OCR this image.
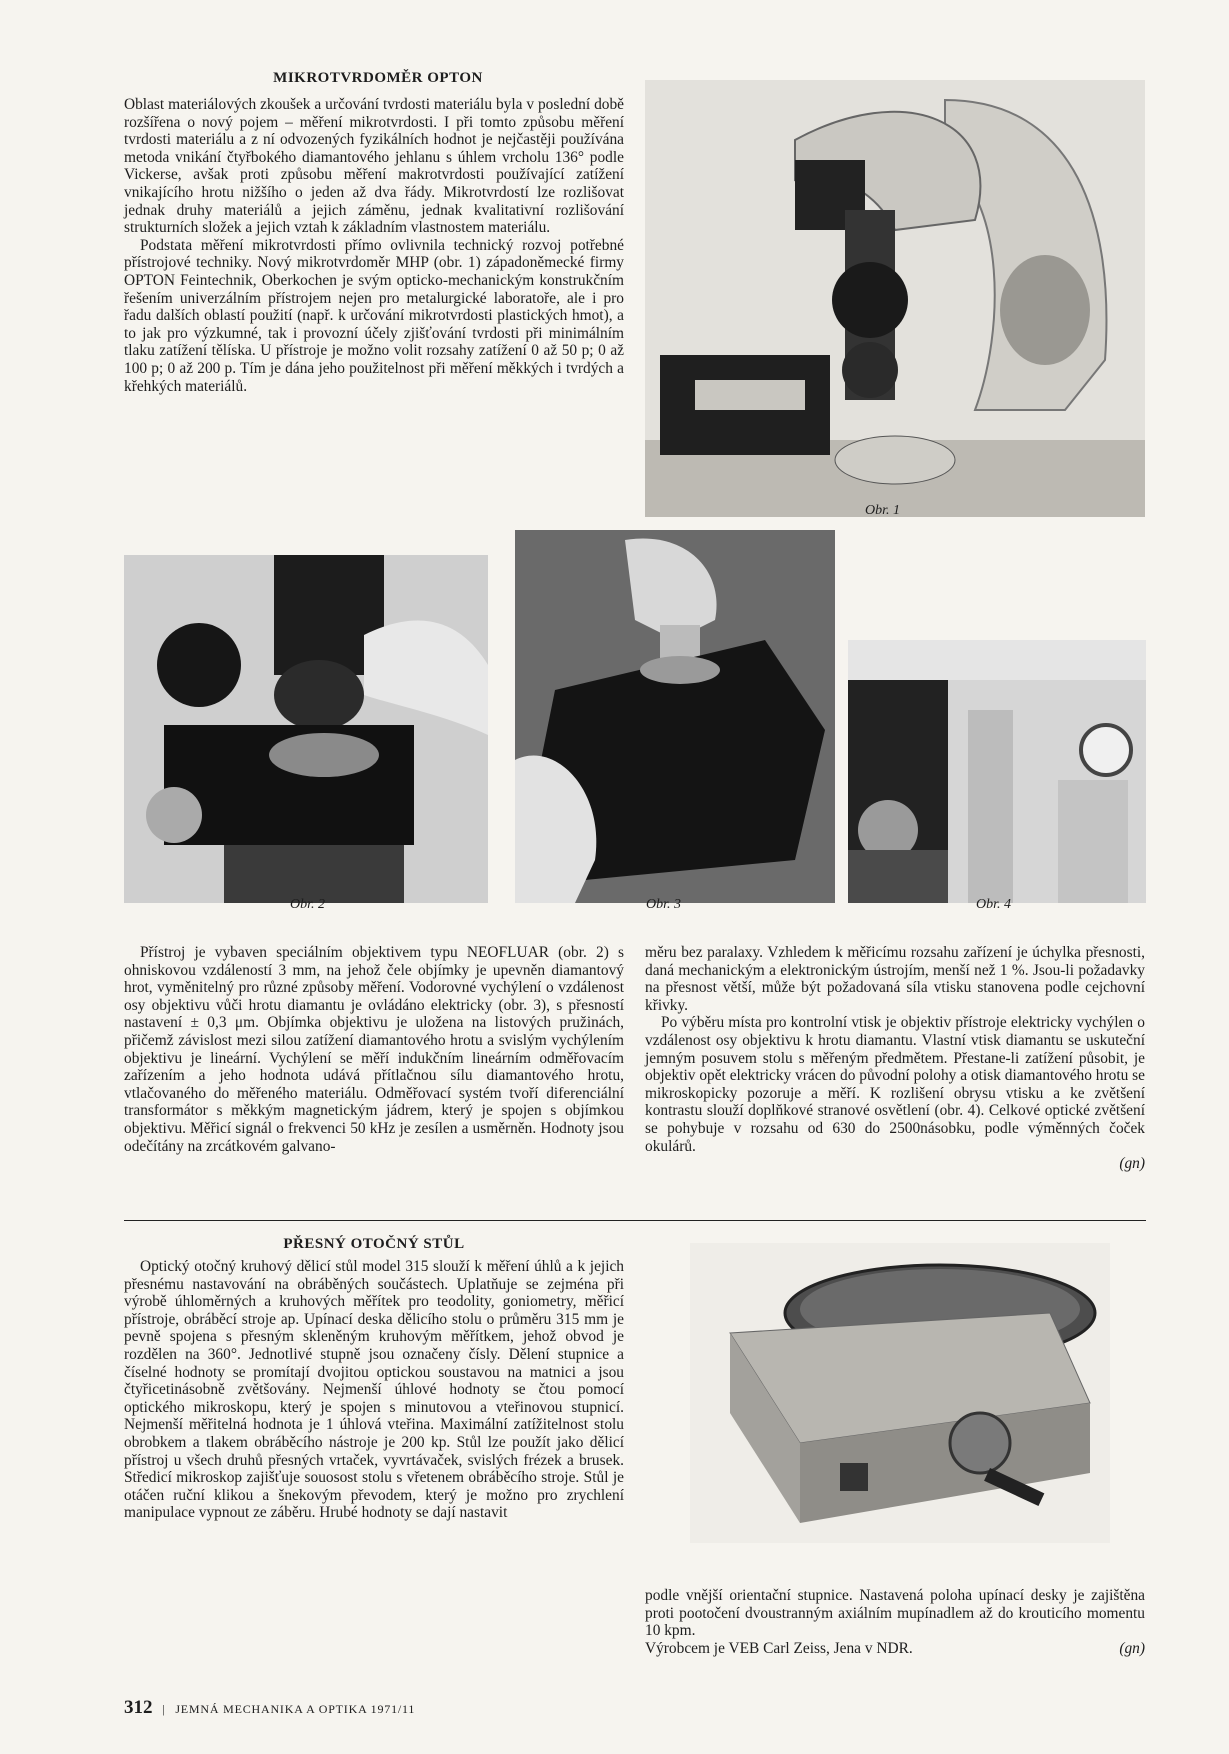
MIKROTVRDOMĚR OPTON

Oblast materiálových zkoušek a určování tvrdosti materiálu byla v poslední době rozšířena o nový pojem – měření mikrotvrdosti. I při tomto způsobu měření tvrdosti materiálu a z ní odvozených fyzikálních hodnot je nejčastěji používána metoda vnikání čtyřbokého diamantového jehlanu s úhlem vrcholu 136° podle Vickerse, avšak proti způsobu měření makrotvrdosti používající zatížení vnikajícího hrotu nižšího o jeden až dva řády. Mikrotvrdostí lze rozlišovat jednak druhy materiálů a jejich záměnu, jednak kvalitativní rozlišování strukturních složek a jejich vztah k základním vlastnostem materiálu.

Podstata měření mikrotvrdosti přímo ovlivnila technický rozvoj potřebné přístrojové techniky. Nový mikrotvrdoměr MHP (obr. 1) západoněmecké firmy OPTON Feintechnik, Oberkochen je svým opticko-mechanickým konstrukčním řešením univerzálním přístrojem nejen pro metalurgické laboratoře, ale i pro řadu dalších oblastí použití (např. k určování mikrotvrdosti plastických hmot), a to jak pro výzkumné, tak i provozní účely zjišťování tvrdosti při minimálním tlaku zatížení tělíska. U přístroje je možno volit rozsahy zatížení 0 až 50 p; 0 až 100 p; 0 až 200 p. Tím je dána jeho použitelnost při měření měkkých i tvrdých a křehkých materiálů.

Obr. 1

Obr. 2	Obr. 3	Obr. 4

Přístroj je vybaven speciálním objektivem typu NEOFLUAR (obr. 2) s ohniskovou vzdáleností 3 mm, na jehož čele objímky je upevněn diamantový hrot, vyměnitelný pro různé způsoby měření. Vodorovné vychýlení o vzdálenost osy objektivu vůči hrotu diamantu je ovládáno elektricky (obr. 3), s přesností nastavení ± 0,3 μm. Objímka objektivu je uložena na listových pružinách, přičemž závislost mezi silou zatížení diamantového hrotu a svislým vychýlením objektivu je lineární. Vychýlení se měří indukčním lineárním odměřovacím zařízením a jeho hodnota udává přítlačnou sílu diamantového hrotu, vtlačovaného do měřeného materiálu. Odměřovací systém tvoří diferenciální transformátor s měkkým magnetickým jádrem, který je spojen s objímkou objektivu. Měřicí signál o frekvenci 50 kHz je zesílen a usměrněn. Hodnoty jsou odečítány na zrcátkovém galvano-

měru bez paralaxy. Vzhledem k měřicímu rozsahu zařízení je úchylka přesnosti, daná mechanickým a elektronickým ústrojím, menší než 1 %. Jsou-li požadavky na přesnost větší, může být požadovaná síla vtisku stanovena podle cejchovní křivky.

Po výběru místa pro kontrolní vtisk je objektiv přístroje elektricky vychýlen o vzdálenost osy objektivu k hrotu diamantu. Vlastní vtisk diamantu se uskuteční jemným posuvem stolu s měřeným předmětem. Přestane-li zatížení působit, je objektiv opět elektricky vrácen do původní polohy a otisk diamantového hrotu se mikroskopicky pozoruje a měří. K rozlišení obrysu vtisku a ke zvětšení kontrastu slouží doplňkové stranové osvětlení (obr. 4). Celkové optické zvětšení se pohybuje v rozsahu od 630 do 2500násobku, podle výměnných čoček okulárů.

(gn)

PŘESNÝ OTOČNÝ STŮL

Optický otočný kruhový dělicí stůl model 315 slouží k měření úhlů a k jejich přesnému nastavování na obráběných součástech. Uplatňuje se zejména při výrobě úhloměrných a kruhových měřítek pro teodolity, goniometry, měřicí přístroje, obráběcí stroje ap. Upínací deska dělicího stolu o průměru 315 mm je pevně spojena s přesným skleněným kruhovým měřítkem, jehož obvod je rozdělen na 360°. Jednotlivé stupně jsou označeny čísly. Dělení stupnice a číselné hodnoty se promítají dvojitou optickou soustavou na matnici a jsou čtyřicetinásobně zvětšovány. Nejmenší úhlové hodnoty se čtou pomocí optického mikroskopu, který je spojen s minutovou a vteřinovou stupnicí. Nejmenší měřitelná hodnota je 1 úhlová vteřina. Maximální zatížitelnost stolu obrobkem a tlakem obráběcího nástroje je 200 kp. Stůl lze použít jako dělicí přístroj u všech druhů přesných vrtaček, vyvrtávaček, svislých frézek a brusek. Středicí mikroskop zajišťuje souosost stolu s vřetenem obráběcího stroje. Stůl je otáčen ruční klikou a šnekovým převodem, který je možno pro zrychlení manipulace vypnout ze záběru. Hrubé hodnoty se dají nastavit

podle vnější orientační stupnice. Nastavená poloha upínací desky je zajištěna proti pootočení dvoustranným axiálním mupínadlem až do krouticího momentu 10 kpm.

Výrobcem je VEB Carl Zeiss, Jena v NDR.	(gn)

312 | JEMNÁ MECHANIKA A OPTIKA 1971/11
